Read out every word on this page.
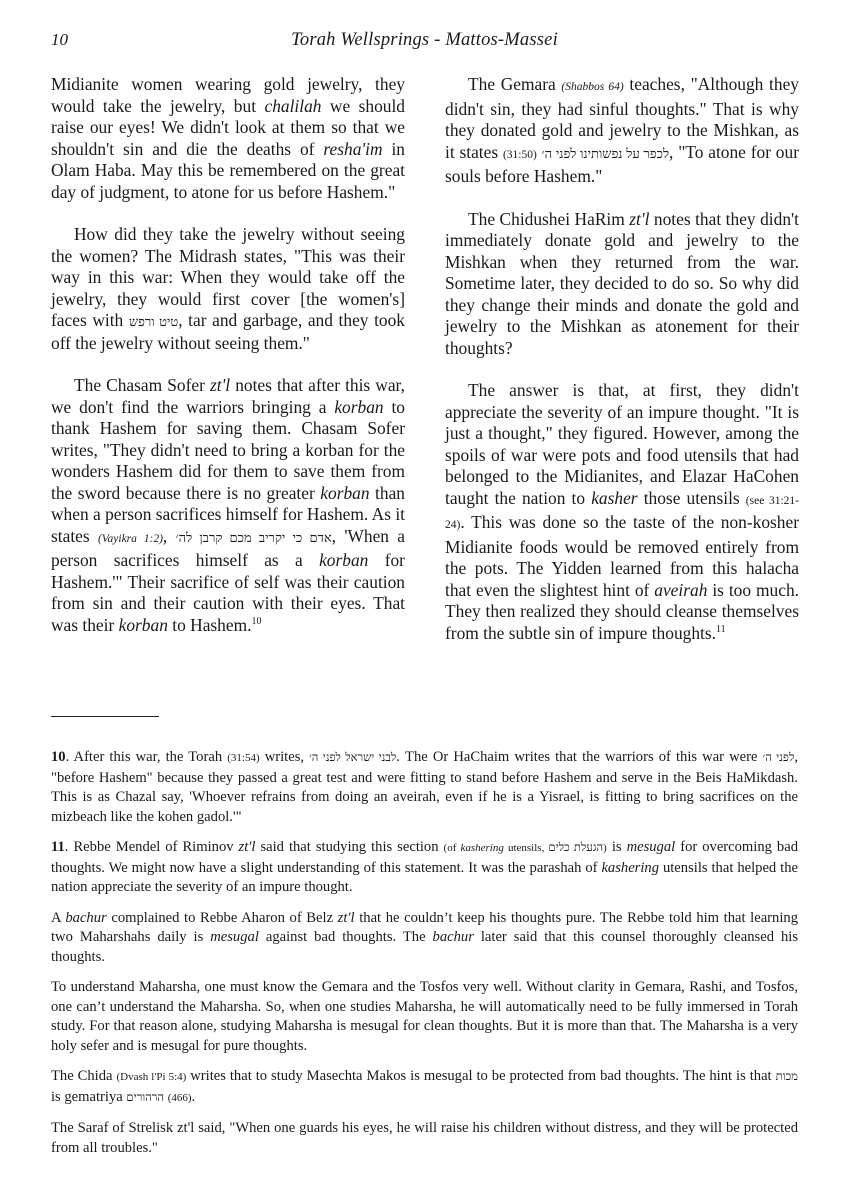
10	Torah Wellsprings - Mattos-Massei

Midianite women wearing gold jewelry, they would take the jewelry, but chalilah we should raise our eyes! We didn't look at them so that we shouldn't sin and die the deaths of resha'im in Olam Haba. May this be remembered on the great day of judgment, to atone for us before Hashem."

How did they take the jewelry without seeing the women? The Midrash states, "This was their way in this war: When they would take off the jewelry, they would first cover [the women's] faces with טיט ורפש, tar and garbage, and they took off the jewelry without seeing them."

The Chasam Sofer zt'l notes that after this war, we don't find the warriors bringing a korban to thank Hashem for saving them. Chasam Sofer writes, "They didn't need to bring a korban for the wonders Hashem did for them to save them from the sword because there is no greater korban than when a person sacrifices himself for Hashem. As it states (Vayikra 1:2), אדם כי יקריב מכם קרבן לה׳, 'When a person sacrifices himself as a korban for Hashem.'" Their sacrifice of self was their caution from sin and their caution with their eyes. That was their korban to Hashem.$^{10}$

The Gemara (Shabbos 64) teaches, "Although they didn't sin, they had sinful thoughts." That is why they donated gold and jewelry to the Mishkan, as it states (31:50) לכפר על נפשותינו לפני ה׳, "To atone for our souls before Hashem."

The Chidushei HaRim zt'l notes that they didn't immediately donate gold and jewelry to the Mishkan when they returned from the war. Sometime later, they decided to do so. So why did they change their minds and donate the gold and jewelry to the Mishkan as atonement for their thoughts?

The answer is that, at first, they didn't appreciate the severity of an impure thought. "It is just a thought," they figured. However, among the spoils of war were pots and food utensils that had belonged to the Midianites, and Elazar HaCohen taught the nation to kasher those utensils (see 31:21-24). This was done so the taste of the non-kosher Midianite foods would be removed entirely from the pots. The Yidden learned from this halacha that even the slightest hint of aveirah is too much. They then realized they should cleanse themselves from the subtle sin of impure thoughts.$^{11}$

10. After this war, the Torah (31:54) writes, לבני ישראל לפני ה׳. The Or HaChaim writes that the warriors of this war were לפני ה׳, "before Hashem" because they passed a great test and were fitting to stand before Hashem and serve in the Beis HaMikdash. This is as Chazal say, 'Whoever refrains from doing an aveirah, even if he is a Yisrael, is fitting to bring sacrifices on the mizbeach like the kohen gadol.'"

11. Rebbe Mendel of Riminov zt'l said that studying this section (of kashering utensils, הגעלת כלים) is mesugal for overcoming bad thoughts. We might now have a slight understanding of this statement. It was the parashah of kashering utensils that helped the nation appreciate the severity of an impure thought.

A bachur complained to Rebbe Aharon of Belz zt'l that he couldn’t keep his thoughts pure. The Rebbe told him that learning two Maharshahs daily is mesugal against bad thoughts. The bachur later said that this counsel thoroughly cleansed his thoughts.

To understand Maharsha, one must know the Gemara and the Tosfos very well. Without clarity in Gemara, Rashi, and Tosfos, one can’t understand the Maharsha. So, when one studies Maharsha, he will automatically need to be fully immersed in Torah study. For that reason alone, studying Maharsha is mesugal for clean thoughts. But it is more than that. The Maharsha is a very holy sefer and is mesugal for pure thoughts.

The Chida (Dvash l'Pi 5:4) writes that to study Masechta Makos is mesugal to be protected from bad thoughts. The hint is that מכות is gematriya הרהורים (466).

The Saraf of Strelisk zt'l said, "When one guards his eyes, he will raise his children without distress, and they will be protected from all troubles."
